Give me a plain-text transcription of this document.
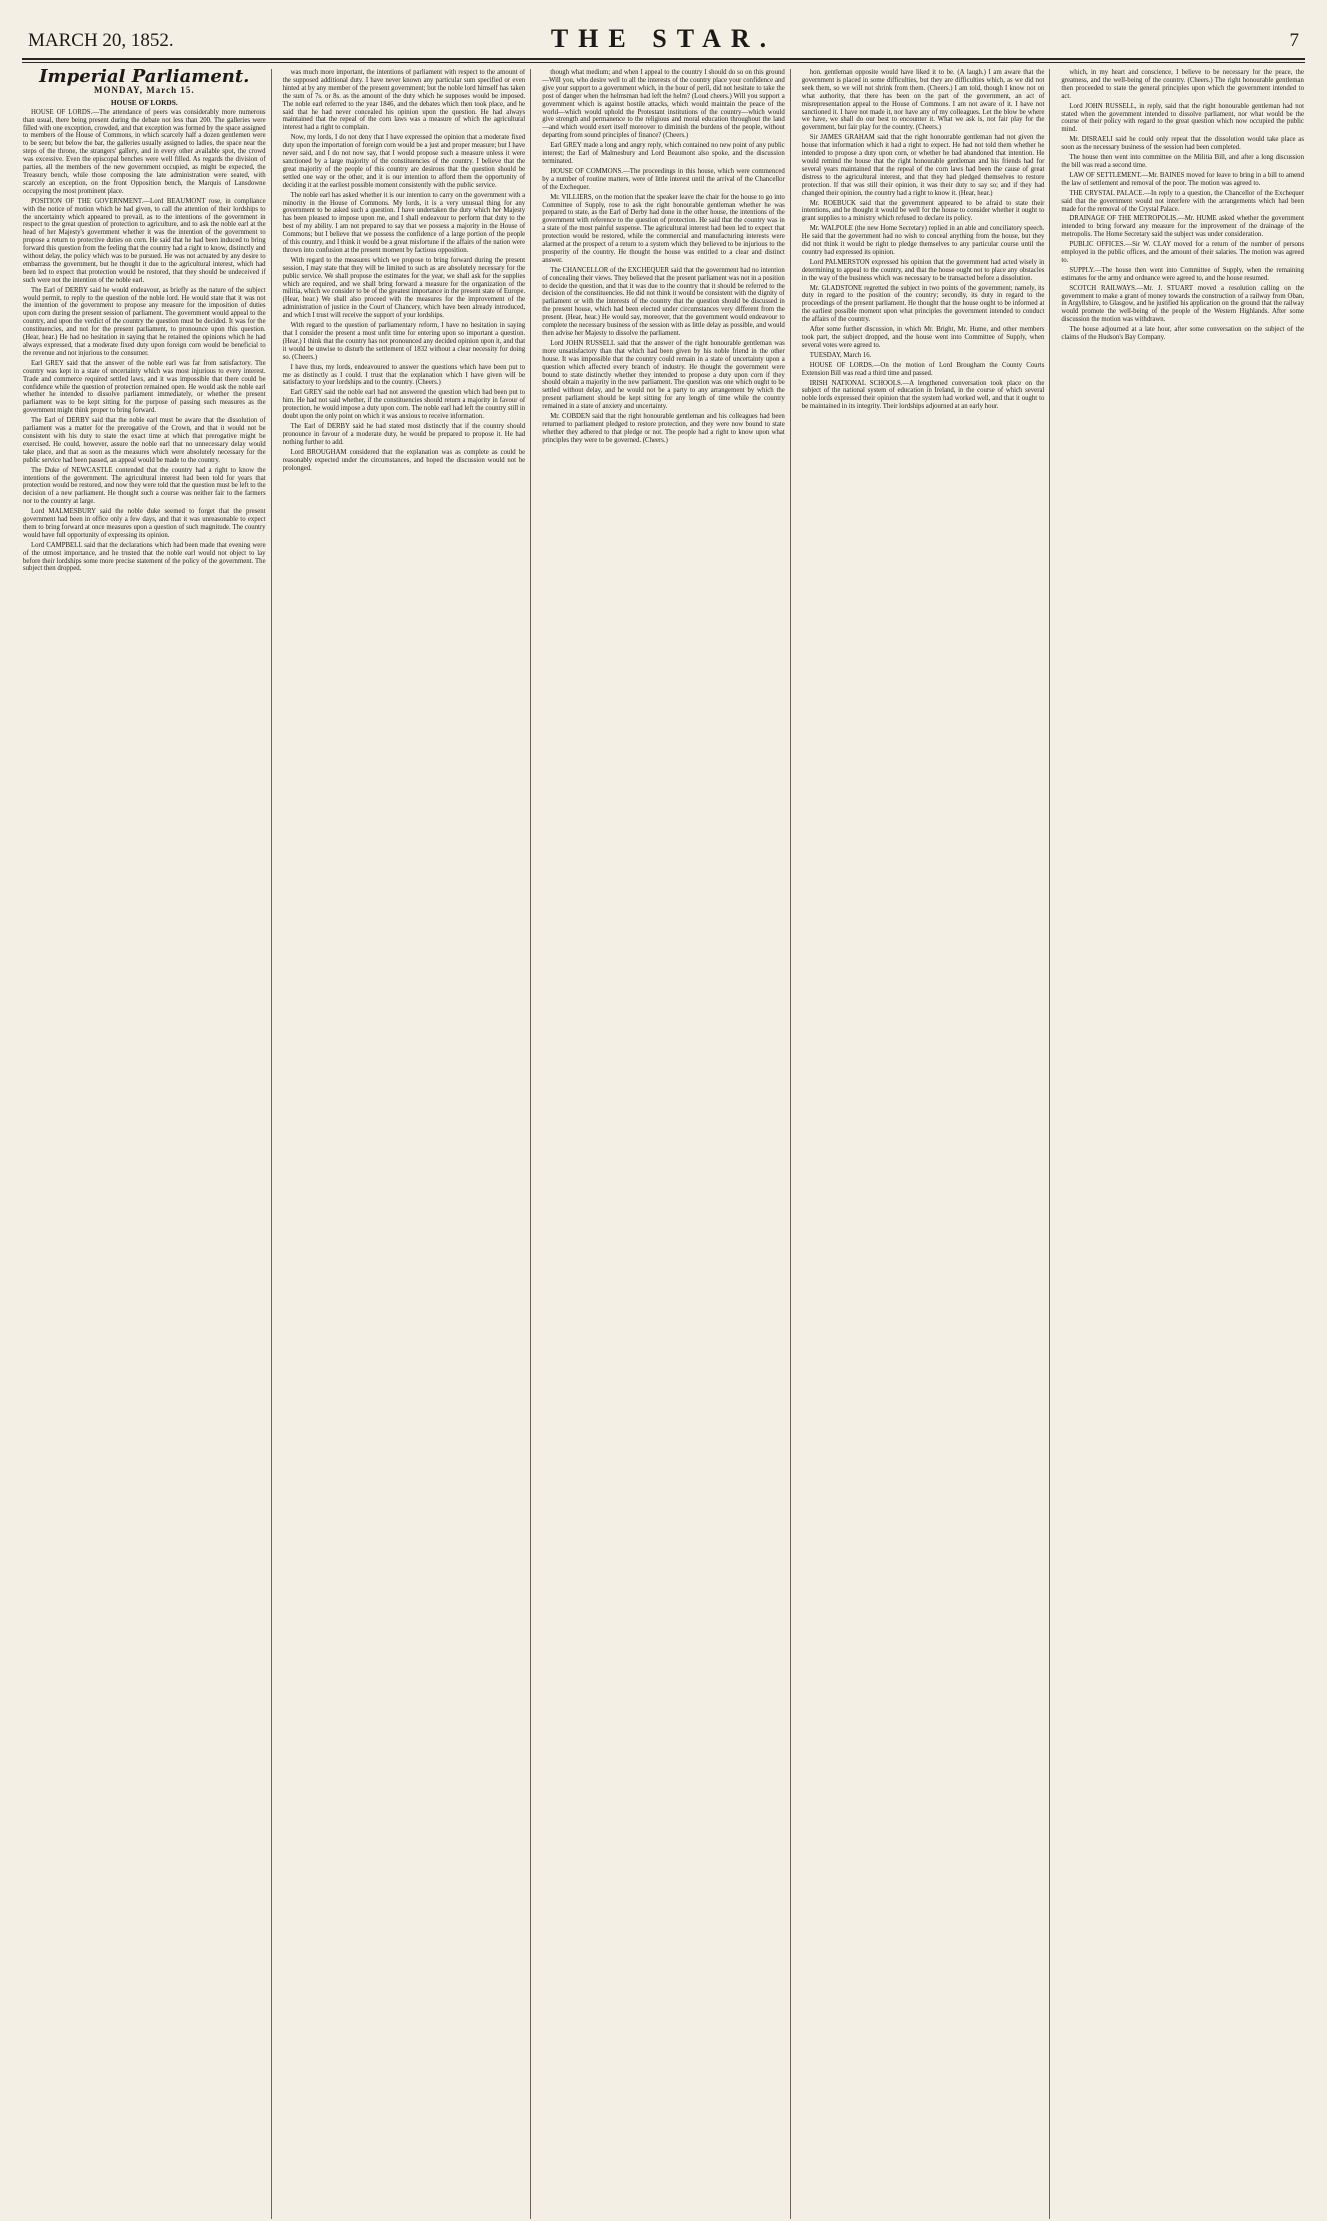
MARCH 20, 1852.	THE STAR.	7
Imperial Parliament.
MONDAY, March 15.
HOUSE OF LORDS.

HOUSE OF LORDS.—The attendance of peers was considerably more numerous than usual, there being present during the debate not less than 200. The galleries were filled with one exception, crowded, and that exception was formed by the space assigned to members of the House of Commons, in which scarcely half a dozen gentlemen were to be seen; but below the bar, the galleries usually assigned to ladies, the space near the steps of the throne, the strangers' gallery, and in every other available spot, the crowd was excessive. Even the episcopal benches were well filled. As regards the division of parties, all the members of the new government occupied, as might be expected, the Treasury bench, while those composing the late administration were seated, with scarcely an exception, on the front Opposition bench, the Marquis of Lansdowne occupying the most prominent place.

POSITION OF THE GOVERNMENT.—Lord BEAUMONT rose, in compliance with the notice of motion which he had given, to call the attention of their lordships to the uncertainty which appeared to prevail, as to the intentions of the government in respect to the great question of protection to agriculture, and to ask the noble earl at the head of her Majesty's government whether it was the intention of the government to propose a return to protective duties on corn. He said that he had been induced to bring forward this question from the feeling that the country had a right to know, distinctly and without delay, the policy which was to be pursued. He was not actuated by any desire to embarrass the government, but he thought it due to the agricultural interest, which had been led to expect that protection would be restored, that they should be undeceived if such were not the intention of the noble earl.

The Earl of DERBY said he would endeavour, as briefly as the nature of the subject would permit, to reply to the question of the noble lord. He would state that it was not the intention of the government to propose any measure for the imposition of duties upon corn during the present session of parliament. The government would appeal to the country, and upon the verdict of the country the question must be decided. It was for the constituencies, and not for the present parliament, to pronounce upon this question. (Hear, hear.) He had no hesitation in saying that he retained the opinions which he had always expressed, that a moderate fixed duty upon foreign corn would be beneficial to the revenue and not injurious to the consumer.

Earl GREY said that the answer of the noble earl was far from satisfactory. The country was kept in a state of uncertainty which was most injurious to every interest. Trade and commerce required settled laws, and it was impossible that there could be confidence while the question of protection remained open. He would ask the noble earl whether he intended to dissolve parliament immediately, or whether the present parliament was to be kept sitting for the purpose of passing such measures as the government might think proper to bring forward.

The Earl of DERBY said that the noble earl must be aware that the dissolution of parliament was a matter for the prerogative of the Crown, and that it would not be consistent with his duty to state the exact time at which that prerogative might be exercised. He could, however, assure the noble earl that no unnecessary delay would take place, and that as soon as the measures which were absolutely necessary for the public service had been passed, an appeal would be made to the country.

The Duke of NEWCASTLE contended that the country had a right to know the intentions of the government. The agricultural interest had been told for years that protection would be restored, and now they were told that the question must be left to the decision of a new parliament. He thought such a course was neither fair to the farmers nor to the country at large.

Lord MALMESBURY said the noble duke seemed to forget that the present government had been in office only a few days, and that it was unreasonable to expect them to bring forward at once measures upon a question of such magnitude. The country would have full opportunity of expressing its opinion.

Lord CAMPBELL said that the declarations which had been made that evening were of the utmost importance, and he trusted that the noble earl would not object to lay before their lordships some more precise statement of the policy of the government. The subject then dropped.

was much more important, the intentions of parliament with respect to the amount of the supposed additional duty. I have never known any particular sum specified or even hinted at by any member of the present government; but the noble lord himself has taken the sum of 7s. or 8s. as the amount of the duty which he supposes would be imposed. The noble earl referred to the year 1846, and the debates which then took place, and he said that he had never concealed his opinion upon the question. He had always maintained that the repeal of the corn laws was a measure of which the agricultural interest had a right to complain.

Now, my lords, I do not deny that I have expressed the opinion that a moderate fixed duty upon the importation of foreign corn would be a just and proper measure; but I have never said, and I do not now say, that I would propose such a measure unless it were sanctioned by a large majority of the constituencies of the country. I believe that the great majority of the people of this country are desirous that the question should be settled one way or the other, and it is our intention to afford them the opportunity of deciding it at the earliest possible moment consistently with the public service.

The noble earl has asked whether it is our intention to carry on the government with a minority in the House of Commons. My lords, it is a very unusual thing for any government to be asked such a question. I have undertaken the duty which her Majesty has been pleased to impose upon me, and I shall endeavour to perform that duty to the best of my ability. I am not prepared to say that we possess a majority in the House of Commons; but I believe that we possess the confidence of a large portion of the people of this country, and I think it would be a great misfortune if the affairs of the nation were thrown into confusion at the present moment by factious opposition.

With regard to the measures which we propose to bring forward during the present session, I may state that they will be limited to such as are absolutely necessary for the public service. We shall propose the estimates for the year, we shall ask for the supplies which are required, and we shall bring forward a measure for the organization of the militia, which we consider to be of the greatest importance in the present state of Europe. (Hear, hear.) We shall also proceed with the measures for the improvement of the administration of justice in the Court of Chancery, which have been already introduced, and which I trust will receive the support of your lordships.

With regard to the question of parliamentary reform, I have no hesitation in saying that I consider the present a most unfit time for entering upon so important a question. (Hear.) I think that the country has not pronounced any decided opinion upon it, and that it would be unwise to disturb the settlement of 1832 without a clear necessity for doing so. (Cheers.)

I have thus, my lords, endeavoured to answer the questions which have been put to me as distinctly as I could. I trust that the explanation which I have given will be satisfactory to your lordships and to the country. (Cheers.)

Earl GREY said the noble earl had not answered the question which had been put to him. He had not said whether, if the constituencies should return a majority in favour of protection, he would impose a duty upon corn. The noble earl had left the country still in doubt upon the only point on which it was anxious to receive information.

The Earl of DERBY said he had stated most distinctly that if the country should pronounce in favour of a moderate duty, he would be prepared to propose it. He had nothing further to add.

Lord BROUGHAM considered that the explanation was as complete as could be reasonably expected under the circumstances, and hoped the discussion would not be prolonged.

though what medium; and when I appeal to the country I should do so on this ground—Will you, who desire well to all the interests of the country place your confidence and give your support to a government which, in the hour of peril, did not hesitate to take the post of danger when the helmsman had left the helm? (Loud cheers.) Will you support a government which is against hostile attacks, which would maintain the peace of the world—which would uphold the Protestant institutions of the country—which would give strength and permanence to the religious and moral education throughout the land—and which would exert itself moreover to diminish the burdens of the people, without departing from sound principles of finance? (Cheers.)

Earl GREY made a long and angry reply, which contained no new point of any public interest; the Earl of Malmesbury and Lord Beaumont also spoke, and the discussion terminated.

HOUSE OF COMMONS.—The proceedings in this house, which were commenced by a number of routine matters, were of little interest until the arrival of the Chancellor of the Exchequer.

Mr. VILLIERS, on the motion that the speaker leave the chair for the house to go into Committee of Supply, rose to ask the right honourable gentleman whether he was prepared to state, as the Earl of Derby had done in the other house, the intentions of the government with reference to the question of protection. He said that the country was in a state of the most painful suspense. The agricultural interest had been led to expect that protection would be restored, while the commercial and manufacturing interests were alarmed at the prospect of a return to a system which they believed to be injurious to the prosperity of the country. He thought the house was entitled to a clear and distinct answer.

The CHANCELLOR of the EXCHEQUER said that the government had no intention of concealing their views. They believed that the present parliament was not in a position to decide the question, and that it was due to the country that it should be referred to the decision of the constituencies. He did not think it would be consistent with the dignity of parliament or with the interests of the country that the question should be discussed in the present house, which had been elected under circumstances very different from the present. (Hear, hear.) He would say, moreover, that the government would endeavour to complete the necessary business of the session with as little delay as possible, and would then advise her Majesty to dissolve the parliament.

Lord JOHN RUSSELL said that the answer of the right honourable gentleman was more unsatisfactory than that which had been given by his noble friend in the other house. It was impossible that the country could remain in a state of uncertainty upon a question which affected every branch of industry. He thought the government were bound to state distinctly whether they intended to propose a duty upon corn if they should obtain a majority in the new parliament. The question was one which ought to be settled without delay, and he would not be a party to any arrangement by which the present parliament should be kept sitting for any length of time while the country remained in a state of anxiety and uncertainty.

Mr. COBDEN said that the right honourable gentleman and his colleagues had been returned to parliament pledged to restore protection, and they were now bound to state whether they adhered to that pledge or not. The people had a right to know upon what principles they were to be governed. (Cheers.)

hon. gentleman opposite would have liked it to be. (A laugh.) I am aware that the government is placed in some difficulties, but they are difficulties which, as we did not seek them, so we will not shrink from them. (Cheers.) I am told, though I know not on what authority, that there has been on the part of the government, an act of misrepresentation appeal to the House of Commons. I am not aware of it. I have not sanctioned it. I have not made it, nor have any of my colleagues. Let the blow be where we have, we shall do our best to encounter it. What we ask is, not fair play for the government, but fair play for the country. (Cheers.)

Sir JAMES GRAHAM said that the right honourable gentleman had not given the house that information which it had a right to expect. He had not told them whether he intended to propose a duty upon corn, or whether he had abandoned that intention. He would remind the house that the right honourable gentleman and his friends had for several years maintained that the repeal of the corn laws had been the cause of great distress to the agricultural interest, and that they had pledged themselves to restore protection. If that was still their opinion, it was their duty to say so; and if they had changed their opinion, the country had a right to know it. (Hear, hear.)

Mr. ROEBUCK said that the government appeared to be afraid to state their intentions, and he thought it would be well for the house to consider whether it ought to grant supplies to a ministry which refused to declare its policy.

Mr. WALPOLE (the new Home Secretary) replied in an able and conciliatory speech. He said that the government had no wish to conceal anything from the house, but they did not think it would be right to pledge themselves to any particular course until the country had expressed its opinion.

Lord PALMERSTON expressed his opinion that the government had acted wisely in determining to appeal to the country, and that the house ought not to place any obstacles in the way of the business which was necessary to be transacted before a dissolution.

Mr. GLADSTONE regretted the subject in two points of the government; namely, its duty in regard to the position of the country; secondly, its duty in regard to the proceedings of the present parliament. He thought that the house ought to be informed at the earliest possible moment upon what principles the government intended to conduct the affairs of the country.

After some further discussion, in which Mr. Bright, Mr. Hume, and other members took part, the subject dropped, and the house went into Committee of Supply, when several votes were agreed to.

TUESDAY, March 16.

HOUSE OF LORDS.—On the motion of Lord Brougham the County Courts Extension Bill was read a third time and passed.

IRISH NATIONAL SCHOOLS.—A lengthened conversation took place on the subject of the national system of education in Ireland, in the course of which several noble lords expressed their opinion that the system had worked well, and that it ought to be maintained in its integrity. Their lordships adjourned at an early hour.

which, in my heart and conscience, I believe to be necessary for the peace, the greatness, and the well-being of the country. (Cheers.) The right honourable gentleman then proceeded to state the general principles upon which the government intended to act.

Lord JOHN RUSSELL, in reply, said that the right honourable gentleman had not stated when the government intended to dissolve parliament, nor what would be the course of their policy with regard to the great question which now occupied the public mind.

Mr. DISRAELI said he could only repeat that the dissolution would take place as soon as the necessary business of the session had been completed.

The house then went into committee on the Militia Bill, and after a long discussion the bill was read a second time.

LAW OF SETTLEMENT.—Mr. BAINES moved for leave to bring in a bill to amend the law of settlement and removal of the poor. The motion was agreed to.

THE CRYSTAL PALACE.—In reply to a question, the Chancellor of the Exchequer said that the government would not interfere with the arrangements which had been made for the removal of the Crystal Palace.

DRAINAGE OF THE METROPOLIS.—Mr. HUME asked whether the government intended to bring forward any measure for the improvement of the drainage of the metropolis. The Home Secretary said the subject was under consideration.

PUBLIC OFFICES.—Sir W. CLAY moved for a return of the number of persons employed in the public offices, and the amount of their salaries. The motion was agreed to.

SUPPLY.—The house then went into Committee of Supply, when the remaining estimates for the army and ordnance were agreed to, and the house resumed.

SCOTCH RAILWAYS.—Mr. J. STUART moved a resolution calling on the government to make a grant of money towards the construction of a railway from Oban, in Argyllshire, to Glasgow, and he justified his application on the ground that the railway would promote the well-being of the people of the Western Highlands. After some discussion the motion was withdrawn.

The house adjourned at a late hour, after some conversation on the subject of the claims of the Hudson's Bay Company.
